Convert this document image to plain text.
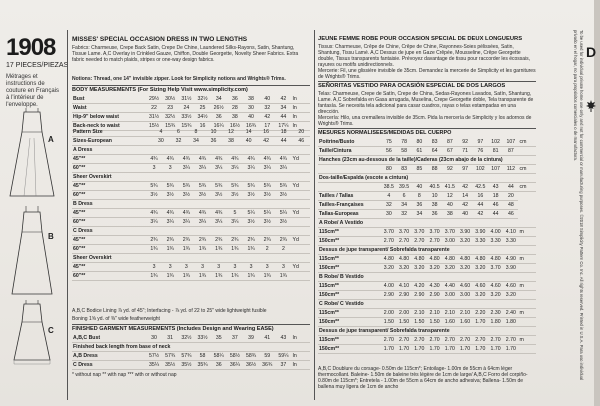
1908
17 PIECES/PIEZAS
Métrages et instructions de couture en Français à l'intérieur de l'enveloppe.
A
B
C
MISSES' SPECIAL OCCASION DRESS IN TWO LENGTHS
Fabrics: Charmeuse, Crepe Back Satin, Crepe De Chine, Laundered Silks-Rayons, Satin, Shantung, Tissue Lame. A,C Overlay in Crinkled Gauze, Chiffon, Double Georgette, Novelty Sheer Fabrics. Extra fabric needed to match plaids, stripes or one-way design fabrics.
Notions: Thread, one 14" invisible zipper. Look for Simplicity notions and Wrights® Trims.
BODY MEASUREMENTS (For Sizing Help Visit www.simplicity.com)
Bust	29½	30½	31½	32½	34	36	38	40	42	In
Waist	22	23	24	25	26½	28	30	32	34	In
Hip-9" below waist	31½	32½	33½	34½	36	38	40	42	44	In
Back-neck to waist	15½	15¾	15¾	16	16¼	16½	16¾	17	17¼	In
Pattern Size	4	6	8	10	12	14	16	18	20
Sizes-European	30	32	34	36	38	40	42	44	46
A Dress										
45"**	4¾	4¾	4¾	4¾	4¾	4¾	4¾	4¾	4¾	Yd
60"**	3	3	3¼	3¼	3¼	3¼	3¼	3¼	3¼	
Sheer Overskirt										
45"**	5¾	5¾	5¾	5¾	5¾	5¾	5¾	5¾	5¾	Yd
60"**	3½	3½	3½	3½	3½	3½	3½	3½	3½	
B Dress										
45"**	4¾	4¾	4¾	4¾	4¾	5	5¼	5¼	5¼	Yd
60"**	3¼	3¼	3¼	3¼	3¼	3¼	3½	3½	3½	
C Dress										
45"**	2¾	2¾	2¾	2¾	2¾	2¾	2¾	2¾	2¾	Yd
60"**	1¾	1¾	1¾	1¾	1¾	1¾	1¾	2	2	
Sheer Overskirt										
45"**	3	3	3	3	3	3	3	3	3	Yd
60"**	1¾	1¾	1¾	1¾	1¾	1¾	1¾	1¾	1¾	
A,B,C Bodice Lining ⅞ yd. of 45"; Interfacing - ⅞ yd. of 22 to 25" wide lightweight fusible
Boning 1⅝ yd. of ⅜" wide featherweight
FINISHED GARMENT MEASUREMENTS (Includes Design and Wearing EASE)
A,B,C Bust	30	31	32½	33½	35	37	39	41	43	In
Finished back length from base of neck										
A,B Dress	57½	57¾	57¾	58	58¼	58½	58¾	59	59¼	In
C Dress	35¼	35½	35½	35¾	36	36¼	36½	36¾	37	In
* without nap ** with nap *** with or without nap
JEUNE FEMME ROBE POUR OCCASION SPECIAL DE DEUX LONGUEURS
Tissus: Charmeuse, Crêpe de Chine, Crêpe de Chine, Rayonnes-Soies pélissées, Satin, Shantung, Tissu Lamé. A,C Dessus de jupe en Gaze Crêpée, Mousseline, Crêpe Georgette double, Tissus transparents fantaisie. Prévoyez davantage de tissu pour raccorder les écossais, rayures ou motifs unidirectionnels.
Mercerie: Fil, une glissière invisible de 35cm. Demandez la mercerie de Simplicity et les garnitures de Wrights® Trims.
SEÑORITAS VESTIDO PARA OCASIÓN ESPECIAL DE DOS LARGOS
Telas: Charmeuse, Crepe de Satín, Crepe de China, Sedas-Rayones Lavados, Satín, Shantung, Lame. A,C Sobrefalda en Gasa arrugada, Muselina, Crepe Georgette doble, Tela transparente de fantasía. Se necesita tela adicional para casar cuadros, rayas o telas estampadas en una dirección.
Mercería: Hilo, una cremallera invisible de 35cm. Pida la mercería de Simplicity y los adornos de Wrights® Trims.
MESURES NORMALISEES/MEDIDAS DEL CUERPO
Poitrine/Busto	75	78	80	83	87	92	97	102	107	cm
Taille/Cintura	56	58	61	64	67	71	76	81	87	
Hanches (23cm au-dessous de la taille)/Caderas (23cm abajo de la cintura)										
	80	83	85	88	92	97	102	107	112	cm
Dos-taille/Espalda (escote a cintura)										
	38.5	39.5	40	40.5	41.5	42	42.5	43	44	cm
Tailles / Tallas	4	6	8	10	12	14	16	18	20	
Tailles-Françaises	32	34	36	38	40	42	44	46	48	
Tallas-Europeas	30	32	34	36	38	40	42	44	46	
A Robe/ A Vestido										
115cm**	3.70	3.70	3.70	3.70	3.70	3.90	3.90	4.00	4.10	m
150cm**	2.70	2.70	2.70	2.70	3.00	3.20	3.30	3.30	3.30	
Dessus de jupe transparent/ Sobrefalda transparente										
115cm**	4.80	4.80	4.80	4.80	4.80	4.80	4.80	4.80	4.90	m
150cm**	3.20	3.20	3.20	3.20	3.20	3.20	3.20	3.70	3.90	
B Robe/ B Vestido										
115cm**	4.00	4.10	4.20	4.30	4.40	4.60	4.60	4.60	4.60	m
150cm**	2.90	2.90	2.90	2.90	3.00	3.00	3.20	3.20	3.20	
C Robe/ C Vestido										
115cm**	2.00	2.00	2.10	2.10	2.10	2.10	2.20	2.30	2.40	m
150cm**	1.50	1.50	1.50	1.50	1.60	1.60	1.70	1.80	1.80	
Dessus de jupe transparent/ Sobrefalda transparente										
115cm**	2.70	2.70	2.70	2.70	2.70	2.70	2.70	2.70	2.70	m
150cm**	1.70	1.70	1.70	1.70	1.70	1.70	1.70	1.70	1.70	
A,B,C Doublure du corsage- 0.50m de 115cm*; Entoilage- 1.00m de 55cm à 64cm léger thermocollant. Baleine- 1.50m de baleine très légère de 1cm de large/ A,B,C Forro del corpiño- 0.80m de 115cm*; Entretela - 1.00m de 55cm a 64cm de ancho adhesiva; Ballena- 1.50m de ballena muy ligera de 1cm de ancho
To be used for individual private home use only and not for commercial or manufacturing purposes. ©2018 Simplicity Pattern Co. Inc. All rights reserved. Printed in U.S.A. Para uso individual privado en el hogar, no para propósitos comerciales o de manufactura. D
